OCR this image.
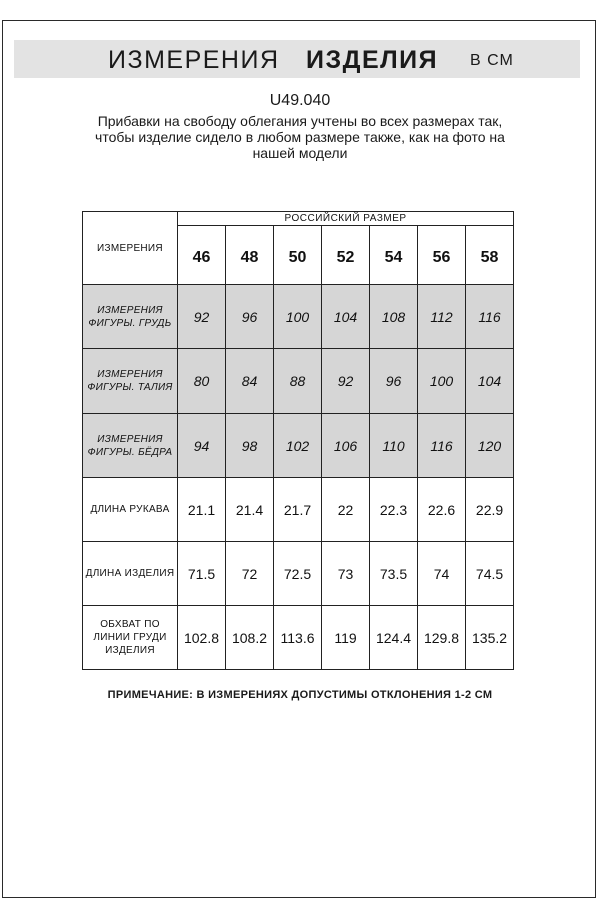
ИЗМЕРЕНИЯ ИЗДЕЛИЯ В СМ
U49.040
Прибавки на свободу облегания учтены во всех размерах так,
чтобы изделие сидело в любом размере также, как на фото на
нашей модели
ИЗМЕРЕНИЯ	РОССИЙСКИЙ РАЗМЕР						
	46	48	50	52	54	56	58
ИЗМЕРЕНИЯ
ФИГУРЫ. ГРУДЬ	92	96	100	104	108	112	116
ИЗМЕРЕНИЯ
ФИГУРЫ. ТАЛИЯ	80	84	88	92	96	100	104
ИЗМЕРЕНИЯ
ФИГУРЫ. БЁДРА	94	98	102	106	110	116	120
ДЛИНА РУКАВА	21.1	21.4	21.7	22	22.3	22.6	22.9
ДЛИНА ИЗДЕЛИЯ	71.5	72	72.5	73	73.5	74	74.5
ОБХВАТ ПО
ЛИНИИ ГРУДИ
ИЗДЕЛИЯ	102.8	108.2	113.6	119	124.4	129.8	135.2
ПРИМЕЧАНИЕ: В ИЗМЕРЕНИЯХ ДОПУСТИМЫ ОТКЛОНЕНИЯ 1-2 СМ
